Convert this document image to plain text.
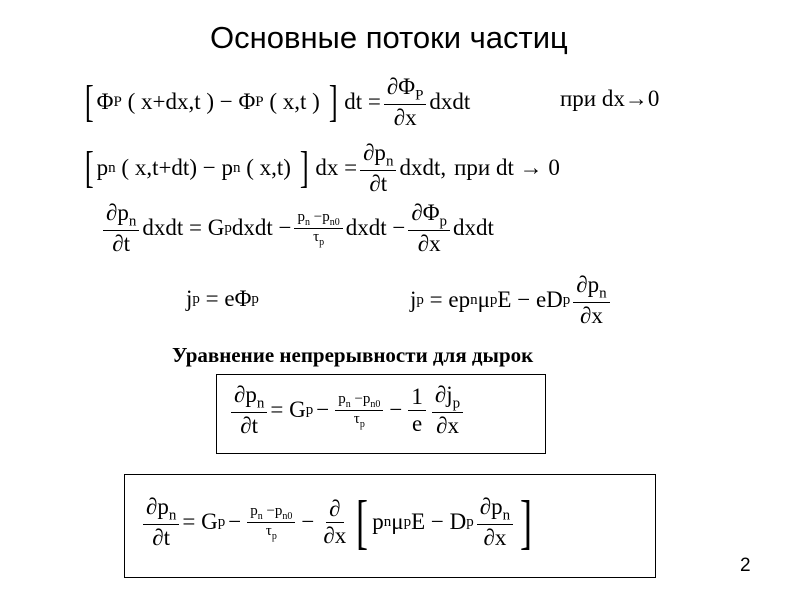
Основные потоки частиц
[ Φ P ( x+dx,t ) − Φ P ( x,t ) ] dt = $\frac{\partial\Phi_P}{\partial x}$ dxdt	при dx→0
[ p n ( x,t+dt) − p n ( x,t) ] dx = $\frac{\partial p_n}{\partial t}$ dxdt, при dt → 0
$\frac{\partial p_n}{\partial t}$ dxdt = G p dxdt − $\frac{p_n -p_{n0}}{\tau_p}$ dxdt − $\frac{\partial\Phi_p}{\partial x}$ dxdt
j p = eΦ p	j p = ep n μ p E − eD p $\frac{\partial p_n}{\partial x}$
Уравнение непрерывности для дырок
$\frac{\partial p_n}{\partial t} = G$ $p - \frac{p_n -p_{n0}}{\tau_p} - \frac{1}{e} \frac{\partial j_p}{\partial x}$
$\frac{\partial p_n}{\partial t} = G$ $p - \frac{p_n -p_{n0}}{\tau_p} - \frac{\partial}{\partial x}$ [ p n μ p E − D p $\frac{\partial p_n}{\partial x}$ ]
2
